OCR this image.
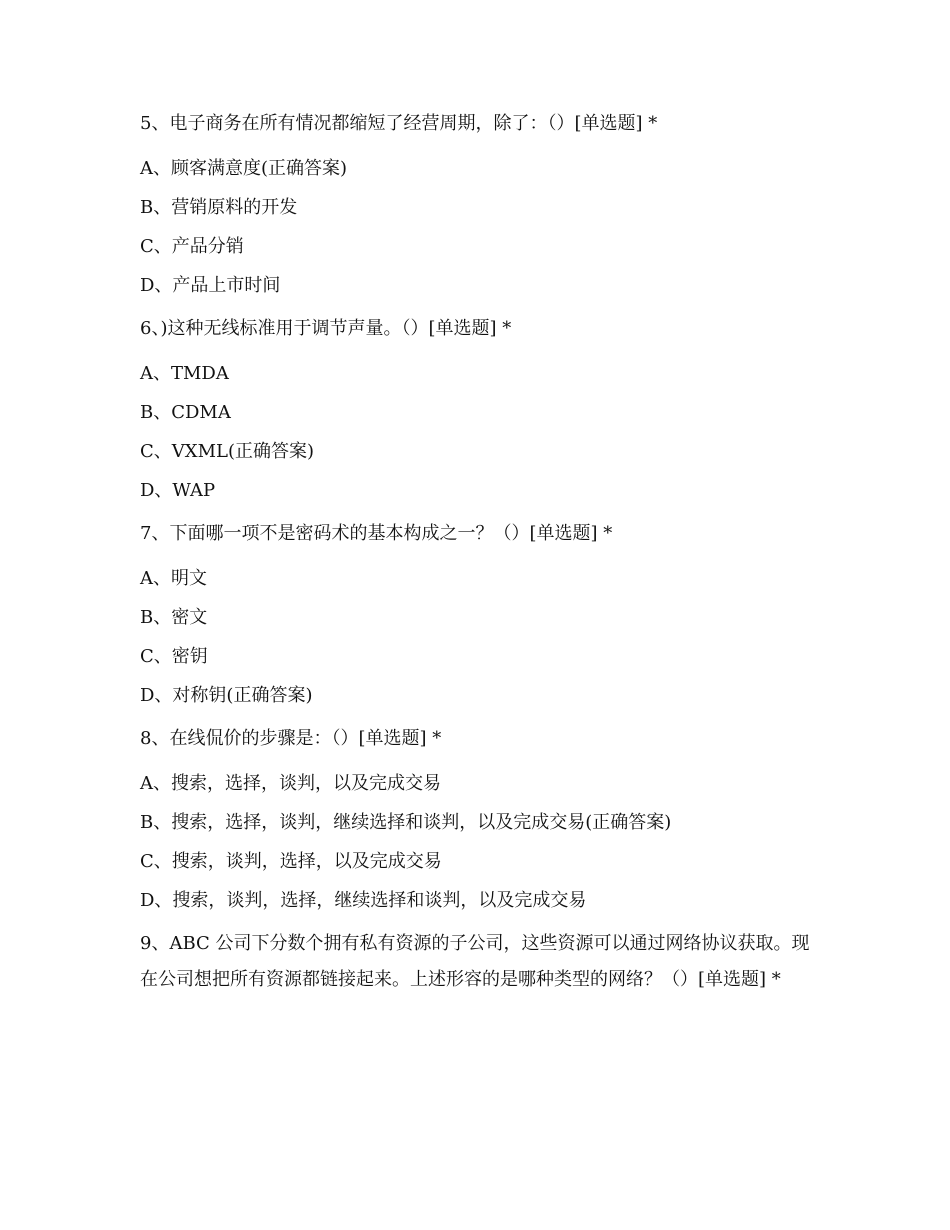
5、电子商务在所有情况都缩短了经营周期，除了：（）[单选题] *
A、顾客满意度(正确答案)
B、营销原料的开发
C、产品分销
D、产品上市时间
6、)这种无线标准用于调节声量。（）[单选题] *
A、TMDA
B、CDMA
C、VXML(正确答案)
D、WAP
7、下面哪一项不是密码术的基本构成之一？（）[单选题] *
A、明文
B、密文
C、密钥
D、对称钥(正确答案)
8、在线侃价的步骤是：（）[单选题] *
A、搜索，选择，谈判，以及完成交易
B、搜索，选择，谈判，继续选择和谈判，以及完成交易(正确答案)
C、搜索，谈判，选择，以及完成交易
D、搜索，谈判，选择，继续选择和谈判，以及完成交易
9、ABC 公司下分数个拥有私有资源的子公司，这些资源可以通过网络协议获取。现在公司想把所有资源都链接起来。上述形容的是哪种类型的网络？（）[单选题] *
